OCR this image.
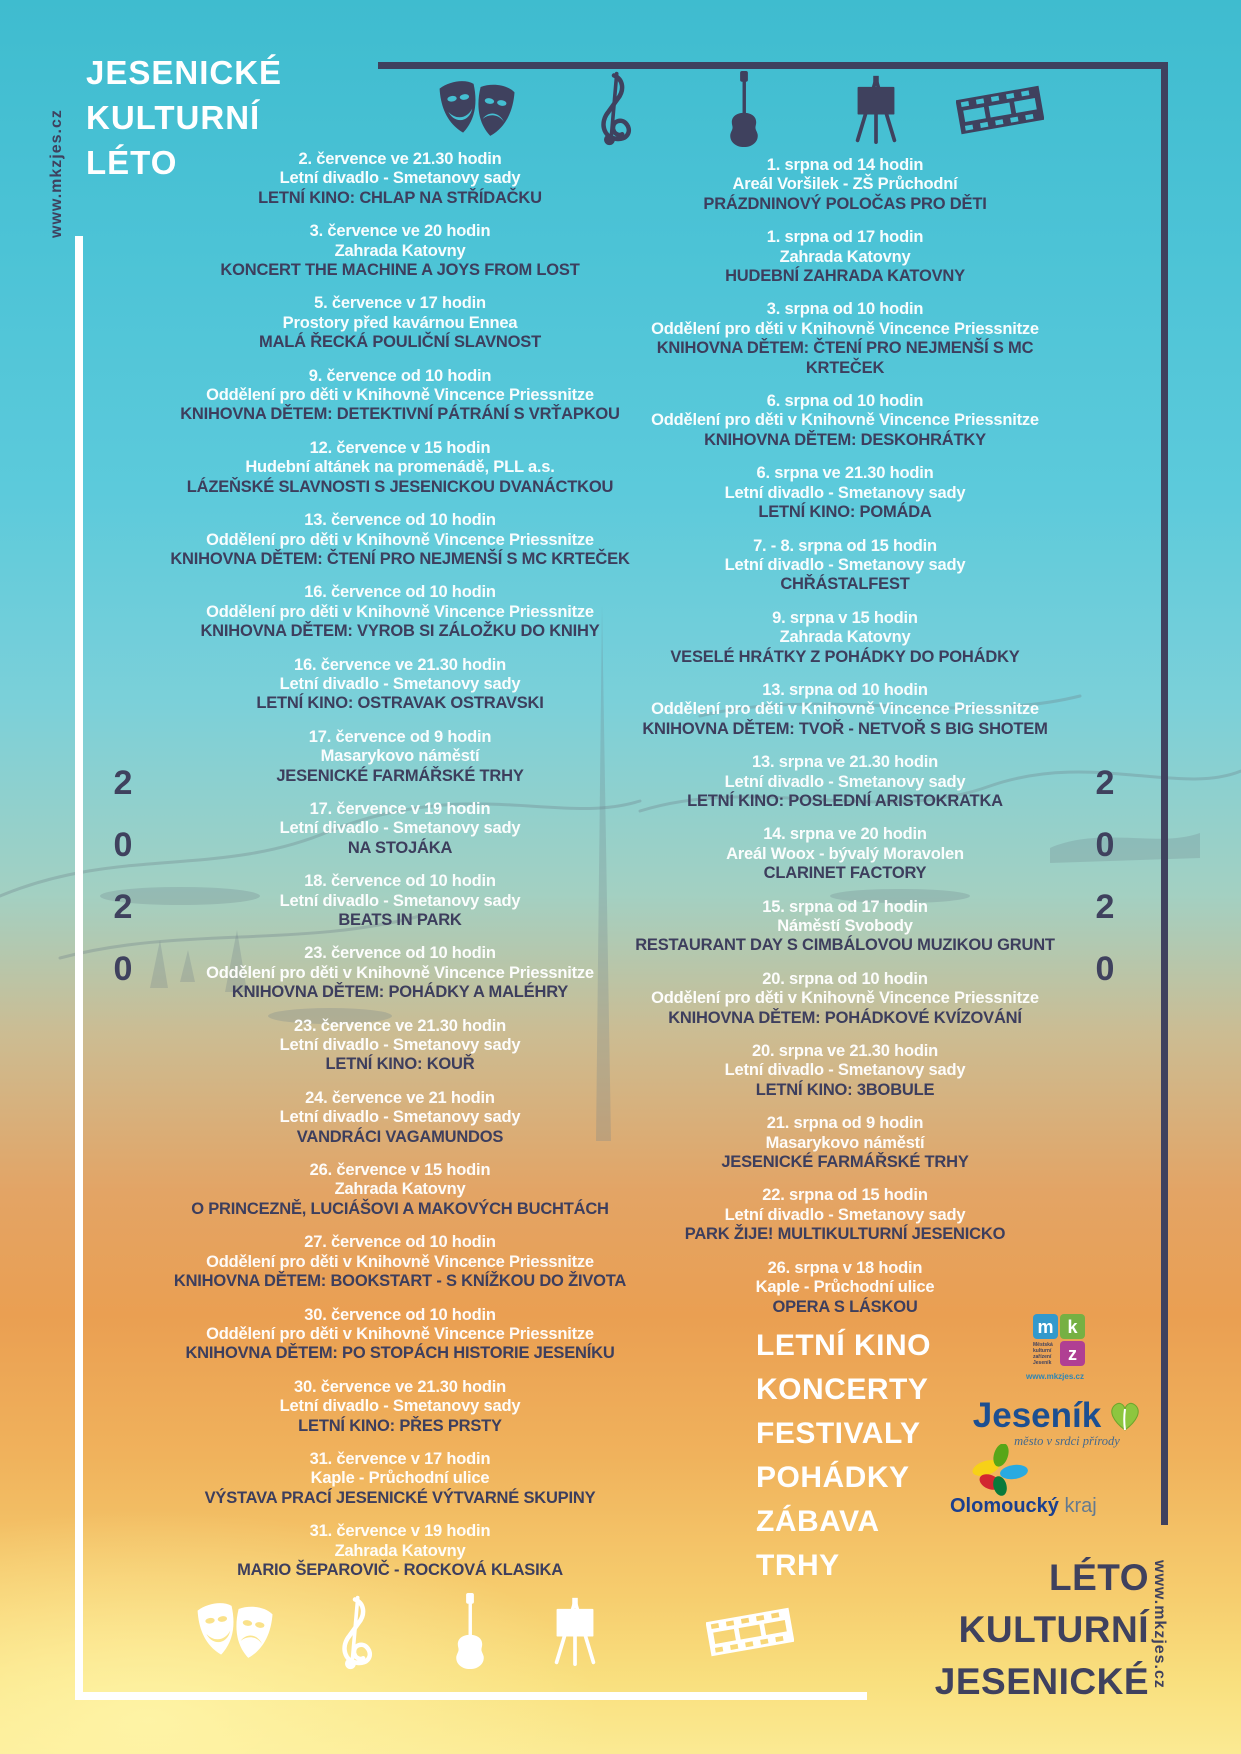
www.mkzjes.cz
JESENICKÉ
KULTURNÍ
LÉTO	2. července ve 21.30 hodin
Letní divadlo - Smetanovy sady
LETNÍ KINO: CHLAP NA STŘÍDAČKU
3. července ve 20 hodin
Zahrada Katovny
KONCERT THE MACHINE A JOYS FROM LOST
5. července v 17 hodin
Prostory před kavárnou Ennea
MALÁ ŘECKÁ POULIČNÍ SLAVNOST
9. července od 10 hodin
Oddělení pro děti v Knihovně Vincence Priessnitze
KNIHOVNA DĚTEM: DETEKTIVNÍ PÁTRÁNÍ S VRŤAPKOU
12. července v 15 hodin
Hudební altánek na promenádě, PLL a.s.
LÁZEŇSKÉ SLAVNOSTI S JESENICKOU DVANÁCTKOU
13. července od 10 hodin
Oddělení pro děti v Knihovně Vincence Priessnitze
KNIHOVNA DĚTEM: ČTENÍ PRO NEJMENŠÍ S MC KRTEČEK
16. července od 10 hodin
Oddělení pro děti v Knihovně Vincence Priessnitze
KNIHOVNA DĚTEM: VYROB SI ZÁLOŽKU DO KNIHY
16. července ve 21.30 hodin
Letní divadlo - Smetanovy sady
LETNÍ KINO: OSTRAVAK OSTRAVSKI
17. července od 9 hodin
Masarykovo náměstí
JESENICKÉ FARMÁŘSKÉ TRHY
17. července v 19 hodin
Letní divadlo - Smetanovy sady
NA STOJÁKA
18. července od 10 hodin
Letní divadlo - Smetanovy sady
BEATS IN PARK
23. července od 10 hodin
Oddělení pro děti v Knihovně Vincence Priessnitze
KNIHOVNA DĚTEM: POHÁDKY A MALÉHRY
23. července ve 21.30 hodin
Letní divadlo - Smetanovy sady
LETNÍ KINO: KOUŘ
24. července ve 21 hodin
Letní divadlo - Smetanovy sady
VANDRÁCI VAGAMUNDOS
26. července v 15 hodin
Zahrada Katovny
O PRINCEZNĚ, LUCIÁŠOVI A MAKOVÝCH BUCHTÁCH
27. července od 10 hodin
Oddělení pro děti v Knihovně Vincence Priessnitze
KNIHOVNA DĚTEM: BOOKSTART - S KNÍŽKOU DO ŽIVOTA
30. července od 10 hodin
Oddělení pro děti v Knihovně Vincence Priessnitze
KNIHOVNA DĚTEM: PO STOPÁCH HISTORIE JESENÍKU
30. července ve 21.30 hodin
Letní divadlo - Smetanovy sady
LETNÍ KINO: PŘES PRSTY
31. července v 17 hodin
Kaple - Průchodní ulice
VÝSTAVA PRACÍ JESENICKÉ VÝTVARNÉ SKUPINY
31. července v 19 hodin
Zahrada Katovny
MARIO ŠEPAROVIČ - ROCKOVÁ KLASIKA
1. srpna od 14 hodin
Areál Voršilek - ZŠ Průchodní
PRÁZDNINOVÝ POLOČAS PRO DĚTI
1. srpna od 17 hodin
Zahrada Katovny
HUDEBNÍ ZAHRADA KATOVNY
3. srpna od 10 hodin
Oddělení pro děti v Knihovně Vincence Priessnitze
KNIHOVNA DĚTEM: ČTENÍ PRO NEJMENŠÍ S MC KRTEČEK
6. srpna od 10 hodin
Oddělení pro děti v Knihovně Vincence Priessnitze
KNIHOVNA DĚTEM: DESKOHRÁTKY
6. srpna ve 21.30 hodin
Letní divadlo - Smetanovy sady
LETNÍ KINO: POMÁDA
7. - 8. srpna od 15 hodin
Letní divadlo - Smetanovy sady
CHŘÁSTALFEST
9. srpna v 15 hodin
Zahrada Katovny
VESELÉ HRÁTKY Z POHÁDKY DO POHÁDKY
13. srpna od 10 hodin
Oddělení pro děti v Knihovně Vincence Priessnitze
KNIHOVNA DĚTEM: TVOŘ - NETVOŘ S BIG SHOTEM
13. srpna ve 21.30 hodin
Letní divadlo - Smetanovy sady
LETNÍ KINO: POSLEDNÍ ARISTOKRATKA
14. srpna ve 20 hodin
Areál Woox - bývalý Moravolen
CLARINET FACTORY
15. srpna od 17 hodin
Náměstí Svobody
RESTAURANT DAY S CIMBÁLOVOU MUZIKOU GRUNT
20. srpna od 10 hodin
Oddělení pro děti v Knihovně Vincence Priessnitze
KNIHOVNA DĚTEM: POHÁDKOVÉ KVÍZOVÁNÍ
20. srpna ve 21.30 hodin
Letní divadlo - Smetanovy sady
LETNÍ KINO: 3BOBULE
21. srpna od 9 hodin
Masarykovo náměstí
JESENICKÉ FARMÁŘSKÉ TRHY
22. srpna od 15 hodin
Letní divadlo - Smetanovy sady
PARK ŽIJE! MULTIKULTURNÍ JESENICKO
26. srpna v 18 hodin
Kaple - Průchodní ulice
OPERA S LÁSKOU
2
0
2
0
2
0
2
0
LETNÍ KINO
KONCERTY
FESTIVALY
POHÁDKY
ZÁBAVA
TRHY
m k
z
Městská
kulturní
zařízení
Jeseník
www.mkzjes.cz
Jeseník
město v srdci přírody
Olomoucký kraj
LÉTO
KULTURNÍ
JESENICKÉ www.mkzjes.cz
